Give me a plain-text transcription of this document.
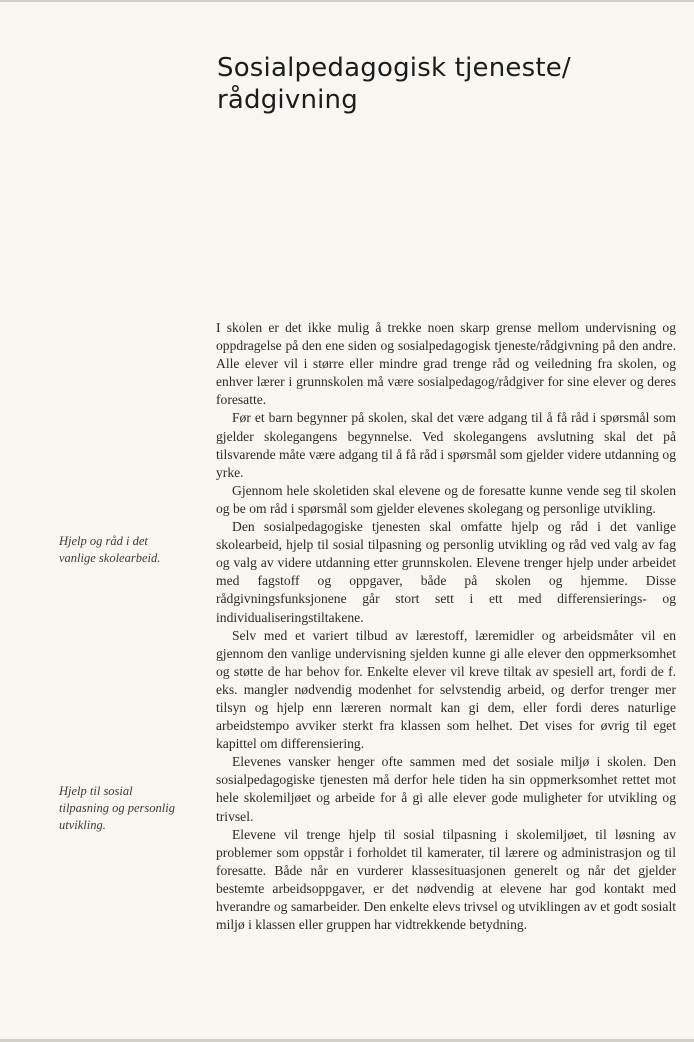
Sosialpedagogisk tjeneste/
rådgivning
Hjelp og råd i det
vanlige skolearbeid.
Hjelp til sosial
tilpasning og personlig
utvikling.

I skolen er det ikke mulig å trekke noen skarp grense mellom undervisning og oppdragelse på den ene siden og sosialpedagogisk tjeneste/rådgivning på den andre. Alle elever vil i større eller mindre grad trenge råd og veiledning fra skolen, og enhver lærer i grunnskolen må være sosialpedagog/rådgiver for sine elever og deres foresatte.

Før et barn begynner på skolen, skal det være adgang til å få råd i spørsmål som gjelder skolegangens begynnelse. Ved skolegangens avslutning skal det på tilsvarende måte være adgang til å få råd i spørsmål som gjelder videre utdanning og yrke.

Gjennom hele skoletiden skal elevene og de foresatte kunne vende seg til skolen og be om råd i spørsmål som gjelder elevenes skolegang og personlige utvikling.

Den sosialpedagogiske tjenesten skal omfatte hjelp og råd i det vanlige skolearbeid, hjelp til sosial tilpasning og personlig utvikling og råd ved valg av fag og valg av videre utdanning etter grunnskolen. Elevene trenger hjelp under arbeidet med fagstoff og oppgaver, både på skolen og hjemme. Disse rådgivningsfunksjonene går stort sett i ett med differensierings- og individualiseringstiltakene.

Selv med et variert tilbud av lærestoff, læremidler og arbeidsmåter vil en gjennom den vanlige undervisning sjelden kunne gi alle elever den oppmerksomhet og støtte de har behov for. Enkelte elever vil kreve tiltak av spesiell art, fordi de f. eks. mangler nødvendig modenhet for selvstendig arbeid, og derfor trenger mer tilsyn og hjelp enn læreren normalt kan gi dem, eller fordi deres naturlige arbeidstempo avviker sterkt fra klassen som helhet. Det vises for øvrig til eget kapittel om differensiering.

Elevenes vansker henger ofte sammen med det sosiale miljø i skolen. Den sosialpedagogiske tjenesten må derfor hele tiden ha sin oppmerksomhet rettet mot hele skolemiljøet og arbeide for å gi alle elever gode muligheter for utvikling og trivsel.

Elevene vil trenge hjelp til sosial tilpasning i skolemiljøet, til løsning av problemer som oppstår i forholdet til kamerater, til lærere og administrasjon og til foresatte. Både når en vurderer klassesituasjonen generelt og når det gjelder bestemte arbeidsoppgaver, er det nødvendig at elevene har god kontakt med hverandre og samarbeider. Den enkelte elevs trivsel og utviklingen av et godt sosialt miljø i klassen eller gruppen har vidtrekkende betydning.
